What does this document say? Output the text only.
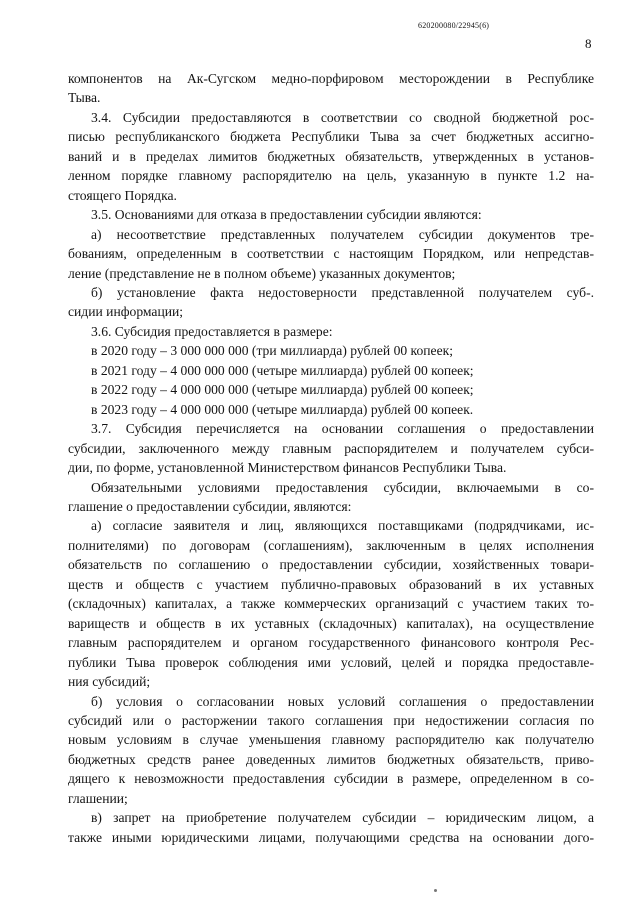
620200080/22945(6)
8

компонентов на Ак-Сугском медно-порфировом месторождении в Республике

Тыва.

3.4. Субсидии предоставляются в соответствии со сводной бюджетной рос-

писью республиканского бюджета Республики Тыва за счет бюджетных ассигно-

ваний и в пределах лимитов бюджетных обязательств, утвержденных в установ-

ленном порядке главному распорядителю на цель, указанную в пункте 1.2 на-

стоящего Порядка.

3.5. Основаниями для отказа в предоставлении субсидии являются:

а) несоответствие представленных получателем субсидии документов тре-

бованиям, определенным в соответствии с настоящим Порядком, или непредстав-

ление (представление не в полном объеме) указанных документов;

б) установление факта недостоверности представленной получателем суб-.

сидии информации;

3.6. Субсидия предоставляется в размере:

в 2020 году – 3 000 000 000 (три миллиарда) рублей 00 копеек;

в 2021 году – 4 000 000 000 (четыре миллиарда) рублей 00 копеек;

в 2022 году – 4 000 000 000 (четыре миллиарда) рублей 00 копеек;

в 2023 году – 4 000 000 000 (четыре миллиарда) рублей 00 копеек.

3.7. Субсидия перечисляется на основании соглашения о предоставлении

субсидии, заключенного между главным распорядителем и получателем субси-

дии, по форме, установленной Министерством финансов Республики Тыва.

Обязательными условиями предоставления субсидии, включаемыми в со-

глашение о предоставлении субсидии, являются:

а) согласие заявителя и лиц, являющихся поставщиками (подрядчиками, ис-

полнителями) по договорам (соглашениям), заключенным в целях исполнения

обязательств по соглашению о предоставлении субсидии, хозяйственных товари-

ществ и обществ с участием публично-правовых образований в их уставных

(складочных) капиталах, а также коммерческих организаций с участием таких то-

вариществ и обществ в их уставных (складочных) капиталах), на осуществление

главным распорядителем и органом государственного финансового контроля Рес-

публики Тыва проверок соблюдения ими условий, целей и порядка предоставле-

ния субсидий;

б) условия о согласовании новых условий соглашения о предоставлении

субсидий или о расторжении такого соглашения при недостижении согласия по

новым условиям в случае уменьшения главному распорядителю как получателю

бюджетных средств ранее доведенных лимитов бюджетных обязательств, приво-

дящего к невозможности предоставления субсидии в размере, определенном в со-

глашении;

в) запрет на приобретение получателем субсидии – юридическим лицом, а

также иными юридическими лицами, получающими средства на основании дого-
